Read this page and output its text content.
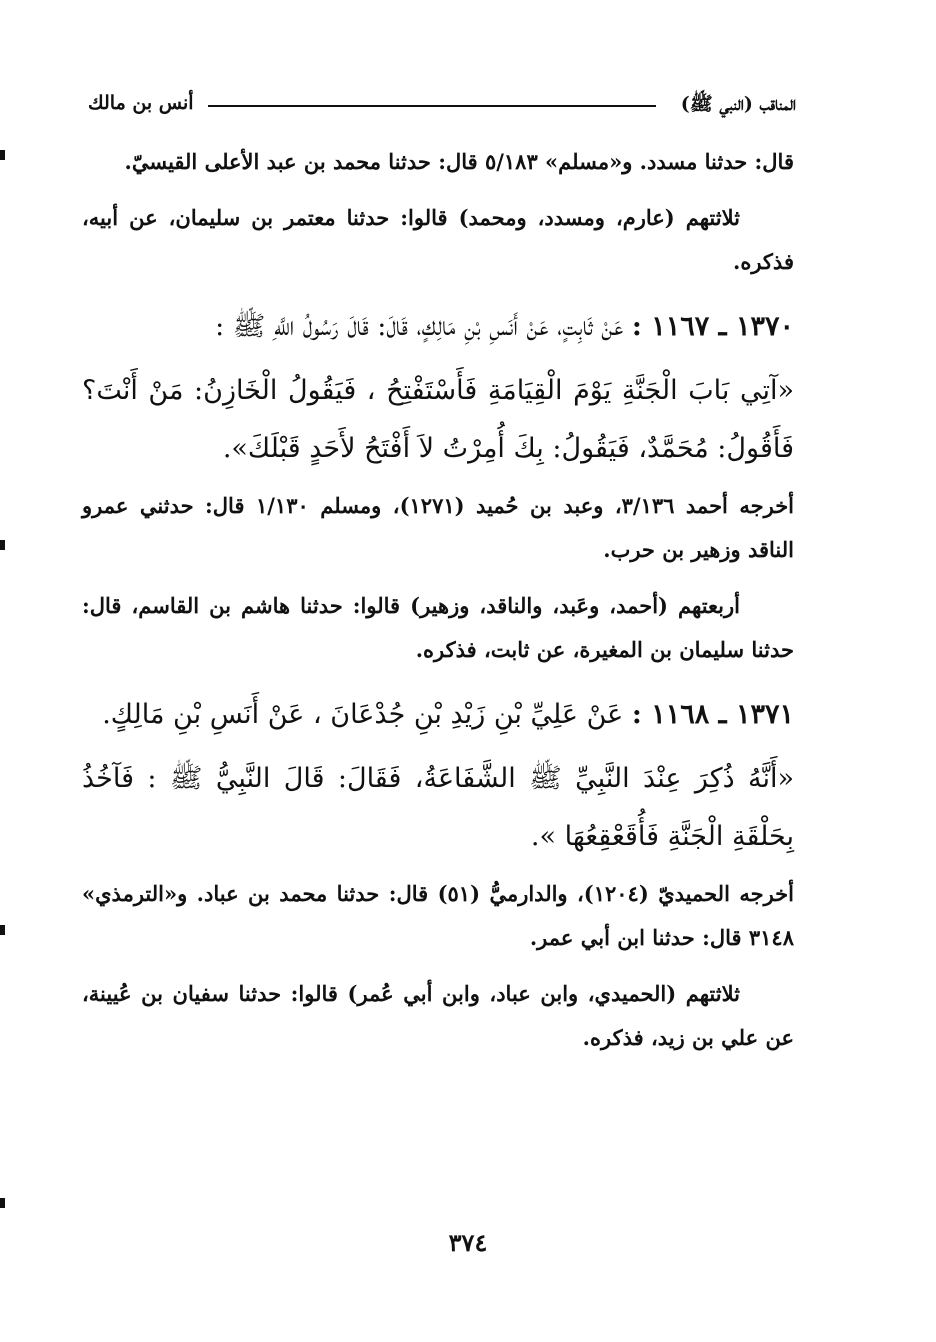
المناقب (النبي ﷺ)
أنس بن مالك

قال: حدثنا مسدد. و«مسلم» ٥/١٨٣ قال: حدثنا محمد بن عبد الأعلى القيسيّ.

ثلاثتهم (عارم، ومسدد، ومحمد) قالوا: حدثنا معتمر بن سليمان، عن أبيه، فذكره.

١٣٧٠ ـ ١١٦٧ : عَنْ ثَابِتٍ، عَنْ أَنَسِ بْنِ مَالِكٍ، قَالَ: قَالَ رَسُولُ اللَّهِ ﷺ :

«آتِي بَابَ الْجَنَّةِ يَوْمَ الْقِيَامَةِ فَأَسْتَفْتِحُ ، فَيَقُولُ الْخَازِنُ: مَنْ أَنْتَ؟ فَأَقُولُ: مُحَمَّدٌ، فَيَقُولُ: بِكَ أُمِرْتُ لاَ أَفْتَحُ لأَحَدٍ قَبْلَكَ».

أخرجه أحمد ٣/١٣٦، وعبد بن حُميد (١٢٧١)، ومسلم ١/١٣٠ قال: حدثني عمرو الناقد وزهير بن حرب.

أربعتهم (أحمد، وعَبد، والناقد، وزهير) قالوا: حدثنا هاشم بن القاسم، قال: حدثنا سليمان بن المغيرة، عن ثابت، فذكره.

١٣٧١ ـ ١١٦٨ : عَنْ عَلِيِّ بْنِ زَيْدِ بْنِ جُدْعَانَ ، عَنْ أَنَسِ بْنِ مَالِكٍ.

«أَنَّهُ ذُكِرَ عِنْدَ النَّبِيِّ ﷺ الشَّفَاعَةُ، فَقَالَ: قَالَ النَّبِيُّ ﷺ : فَآخُذُ بِحَلْقَةِ الْجَنَّةِ فَأُقَعْقِعُهَا ».

أخرجه الحميديّ (١٢٠٤)، والدارميُّ (٥١) قال: حدثنا محمد بن عباد. و«الترمذي» ٣١٤٨ قال: حدثنا ابن أبي عمر.

ثلاثتهم (الحميدي، وابن عباد، وابن أبي عُمر) قالوا: حدثنا سفيان بن عُيينة، عن علي بن زيد، فذكره.

٣٧٤
